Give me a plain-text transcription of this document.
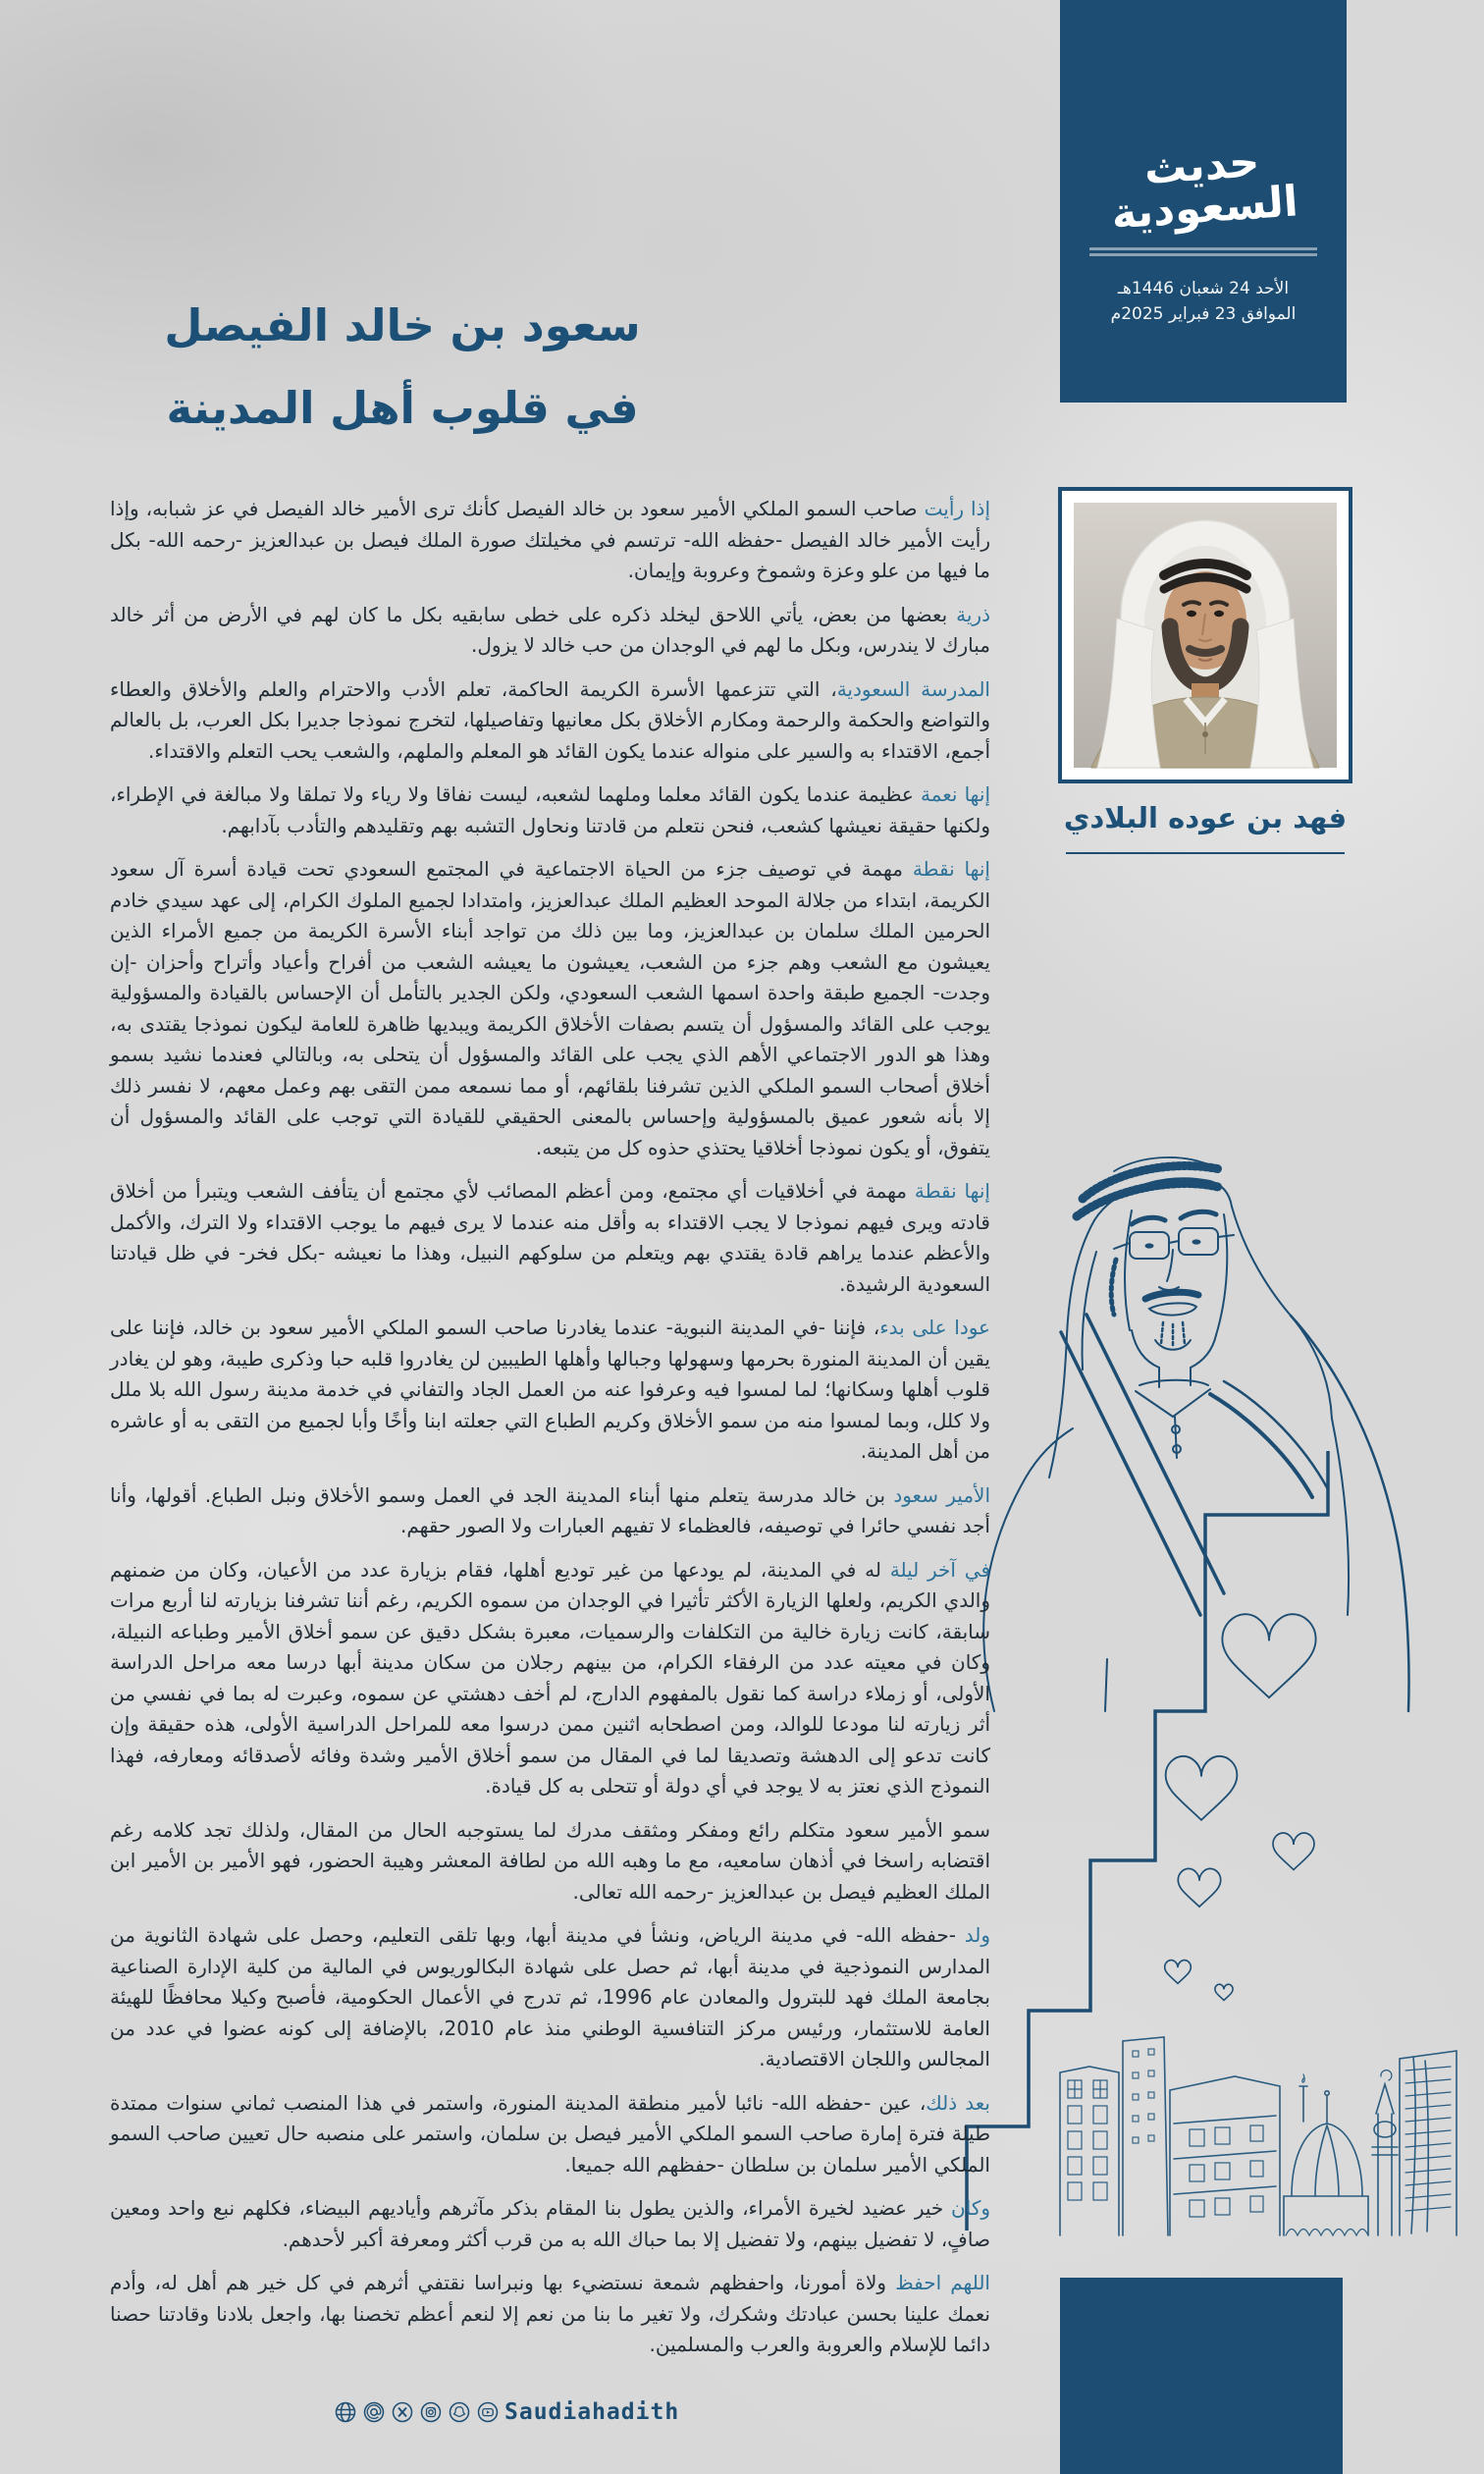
حديث السعودية
الأحد 24 شعبان 1446هـ
الموافق 23 فبراير 2025م
فهد بن عوده البلادي
سعود بن خالد الفيصل
في قلوب أهل المدينة

إذا رأيت صاحب السمو الملكي الأمير سعود بن خالد الفيصل كأنك ترى الأمير خالد الفيصل في عز شبابه، وإذا رأيت الأمير خالد الفيصل -حفظه الله- ترتسم في مخيلتك صورة الملك فيصل بن عبدالعزيز -رحمه الله- بكل ما فيها من علو وعزة وشموخ وعروبة وإيمان.

ذرية بعضها من بعض، يأتي اللاحق ليخلد ذكره على خطى سابقيه بكل ما كان لهم في الأرض من أثر خالد مبارك لا يندرس، وبكل ما لهم في الوجدان من حب خالد لا يزول.

المدرسة السعودية، التي تتزعمها الأسرة الكريمة الحاكمة، تعلم الأدب والاحترام والعلم والأخلاق والعطاء والتواضع والحكمة والرحمة ومكارم الأخلاق بكل معانيها وتفاصيلها، لتخرج نموذجا جديرا بكل العرب، بل بالعالم أجمع، الاقتداء به والسير على منواله عندما يكون القائد هو المعلم والملهم، والشعب يحب التعلم والاقتداء.

إنها نعمة عظيمة عندما يكون القائد معلما وملهما لشعبه، ليست نفاقا ولا رياء ولا تملقا ولا مبالغة في الإطراء، ولكنها حقيقة نعيشها كشعب، فنحن نتعلم من قادتنا ونحاول التشبه بهم وتقليدهم والتأدب بآدابهم.

إنها نقطة مهمة في توصيف جزء من الحياة الاجتماعية في المجتمع السعودي تحت قيادة أسرة آل سعود الكريمة، ابتداء من جلالة الموحد العظيم الملك عبدالعزيز، وامتدادا لجميع الملوك الكرام، إلى عهد سيدي خادم الحرمين الملك سلمان بن عبدالعزيز، وما بين ذلك من تواجد أبناء الأسرة الكريمة من جميع الأمراء الذين يعيشون مع الشعب وهم جزء من الشعب، يعيشون ما يعيشه الشعب من أفراح وأعياد وأتراح وأحزان -إن وجدت- الجميع طبقة واحدة اسمها الشعب السعودي، ولكن الجدير بالتأمل أن الإحساس بالقيادة والمسؤولية يوجب على القائد والمسؤول أن يتسم بصفات الأخلاق الكريمة ويبديها ظاهرة للعامة ليكون نموذجا يقتدى به، وهذا هو الدور الاجتماعي الأهم الذي يجب على القائد والمسؤول أن يتحلى به، وبالتالي فعندما نشيد بسمو أخلاق أصحاب السمو الملكي الذين تشرفنا بلقائهم، أو مما نسمعه ممن التقى بهم وعمل معهم، لا نفسر ذلك إلا بأنه شعور عميق بالمسؤولية وإحساس بالمعنى الحقيقي للقيادة التي توجب على القائد والمسؤول أن يتفوق، أو يكون نموذجا أخلاقيا يحتذي حذوه كل من يتبعه.

إنها نقطة مهمة في أخلاقيات أي مجتمع، ومن أعظم المصائب لأي مجتمع أن يتأفف الشعب ويتبرأ من أخلاق قادته ويرى فيهم نموذجا لا يجب الاقتداء به وأقل منه عندما لا يرى فيهم ما يوجب الاقتداء ولا الترك، والأكمل والأعظم عندما يراهم قادة يقتدي بهم ويتعلم من سلوكهم النبيل، وهذا ما نعيشه -بكل فخر- في ظل قيادتنا السعودية الرشيدة.

عودا على بدء، فإننا -في المدينة النبوية- عندما يغادرنا صاحب السمو الملكي الأمير سعود بن خالد، فإننا على يقين أن المدينة المنورة بحرمها وسهولها وجبالها وأهلها الطيبين لن يغادروا قلبه حبا وذكرى طيبة، وهو لن يغادر قلوب أهلها وسكانها؛ لما لمسوا فيه وعرفوا عنه من العمل الجاد والتفاني في خدمة مدينة رسول الله بلا ملل ولا كلل، وبما لمسوا منه من سمو الأخلاق وكريم الطباع التي جعلته ابنا وأخًا وأبا لجميع من التقى به أو عاشره من أهل المدينة.

الأمير سعود بن خالد مدرسة يتعلم منها أبناء المدينة الجد في العمل وسمو الأخلاق ونبل الطباع. أقولها، وأنا أجد نفسي حائرا في توصيفه، فالعظماء لا تفيهم العبارات ولا الصور حقهم.

في آخر ليلة له في المدينة، لم يودعها من غير توديع أهلها، فقام بزيارة عدد من الأعيان، وكان من ضمنهم والدي الكريم، ولعلها الزيارة الأكثر تأثيرا في الوجدان من سموه الكريم، رغم أننا تشرفنا بزيارته لنا أربع مرات سابقة، كانت زيارة خالية من التكلفات والرسميات، معبرة بشكل دقيق عن سمو أخلاق الأمير وطباعه النبيلة، وكان في معيته عدد من الرفقاء الكرام، من بينهم رجلان من سكان مدينة أبها درسا معه مراحل الدراسة الأولى، أو زملاء دراسة كما نقول بالمفهوم الدارج، لم أخف دهشتي عن سموه، وعبرت له بما في نفسي من أثر زيارته لنا مودعا للوالد، ومن اصطحابه اثنين ممن درسوا معه للمراحل الدراسية الأولى، هذه حقيقة وإن كانت تدعو إلى الدهشة وتصديقا لما في المقال من سمو أخلاق الأمير وشدة وفائه لأصدقائه ومعارفه، فهذا النموذج الذي نعتز به لا يوجد في أي دولة أو تتحلى به كل قيادة.

سمو الأمير سعود متكلم رائع ومفكر ومثقف مدرك لما يستوجبه الحال من المقال، ولذلك تجد كلامه رغم اقتضابه راسخا في أذهان سامعيه، مع ما وهبه الله من لطافة المعشر وهيبة الحضور، فهو الأمير بن الأمير ابن الملك العظيم فيصل بن عبدالعزيز -رحمه الله تعالى.

ولد -حفظه الله- في مدينة الرياض، ونشأ في مدينة أبها، وبها تلقى التعليم، وحصل على شهادة الثانوية من المدارس النموذجية في مدينة أبها، ثم حصل على شهادة البكالوريوس في المالية من كلية الإدارة الصناعية بجامعة الملك فهد للبترول والمعادن عام 1996، ثم تدرج في الأعمال الحكومية، فأصبح وكيلا محافظًا للهيئة العامة للاستثمار، ورئيس مركز التنافسية الوطني منذ عام 2010، بالإضافة إلى كونه عضوا في عدد من المجالس واللجان الاقتصادية.

بعد ذلك، عين -حفظه الله- نائبا لأمير منطقة المدينة المنورة، واستمر في هذا المنصب ثماني سنوات ممتدة طيلة فترة إمارة صاحب السمو الملكي الأمير فيصل بن سلمان، واستمر على منصبه حال تعيين صاحب السمو الملكي الأمير سلمان بن سلطان -حفظهم الله جميعا.

وكان خير عضيد لخيرة الأمراء، والذين يطول بنا المقام بذكر مآثرهم وأياديهم البيضاء، فكلهم نبع واحد ومعين صافٍ، لا تفضيل بينهم، ولا تفضيل إلا بما حباك الله به من قرب أكثر ومعرفة أكبر لأحدهم.

اللهم احفظ ولاة أمورنا، واحفظهم شمعة نستضيء بها ونبراسا نقتفي أثرهم في كل خير هم أهل له، وأدم نعمك علينا بحسن عبادتك وشكرك، ولا تغير ما بنا من نعم إلا لنعم أعظم تخصنا بها، واجعل بلادنا وقادتنا حصنا دائما للإسلام والعروبة والعرب والمسلمين.

Saudiahadith
